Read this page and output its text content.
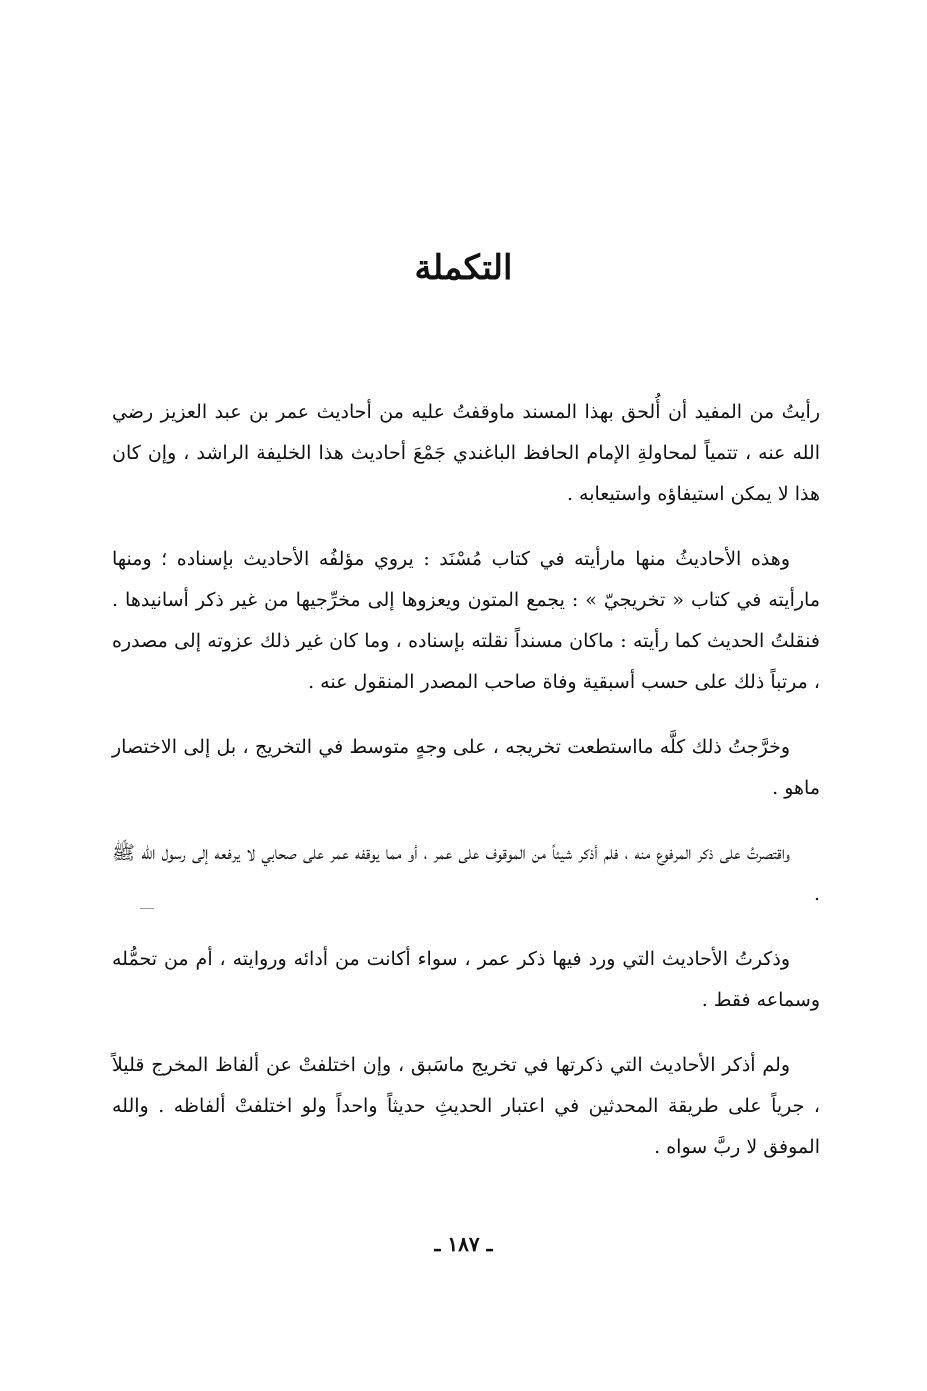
التكملة

رأيتُ من المفيد أن أُلحق بهذا المسند ماوقفتُ عليه من أحاديث عمر بن عبد العزيز رضي الله عنه ، تتمياً لمحاولةِ الإمام الحافظ الباغندي جَمْعَ أحاديث هذا الخليفة الراشد ، وإن كان هذا لا يمكن استيفاؤه واستيعابه .

وهذه الأحاديثُ منها مارأيته في كتاب مُسْنَد : يروي مؤلفُه الأحاديث بإسناده ؛ ومنها مارأيته في كتاب « تخريجيّ » : يجمع المتون ويعزوها إلى مخرِّجيها من غير ذكر أسانيدها . فنقلتُ الحديث كما رأيته : ماكان مسنداً نقلته بإسناده ، وما كان غير ذلك عزوته إلى مصدره ، مرتباً ذلك على حسب أسبقية وفاة صاحب المصدر المنقول عنه .

وخرَّجتُ ذلك كلَّه مااستطعت تخريجه ، على وجهٍ متوسط في التخريج ، بل إلى الاختصار ماهو .

واقتصرتُ على ذكر المرفوع منه ، فلم أذكر شيئاً من الموقوف على عمر ، أو مما يوقفه عمر على صحابي لا يرفعه إلى رسول الله ﷺ .

وذكرتُ الأحاديث التي ورد فيها ذكر عمر ، سواء أكانت من أدائه وروايته ، أم من تحمُّله وسماعه فقط .

ولم أذكر الأحاديث التي ذكرتها في تخريج ماسَبق ، وإن اختلفتْ عن ألفاظ المخرج قليلاً ، جرياً على طريقة المحدثين في اعتبار الحديثِ حديثاً واحداً ولو اختلفتْ ألفاظه . والله الموفق لا ربَّ سواه .

ـ ١٨٧ ـ
